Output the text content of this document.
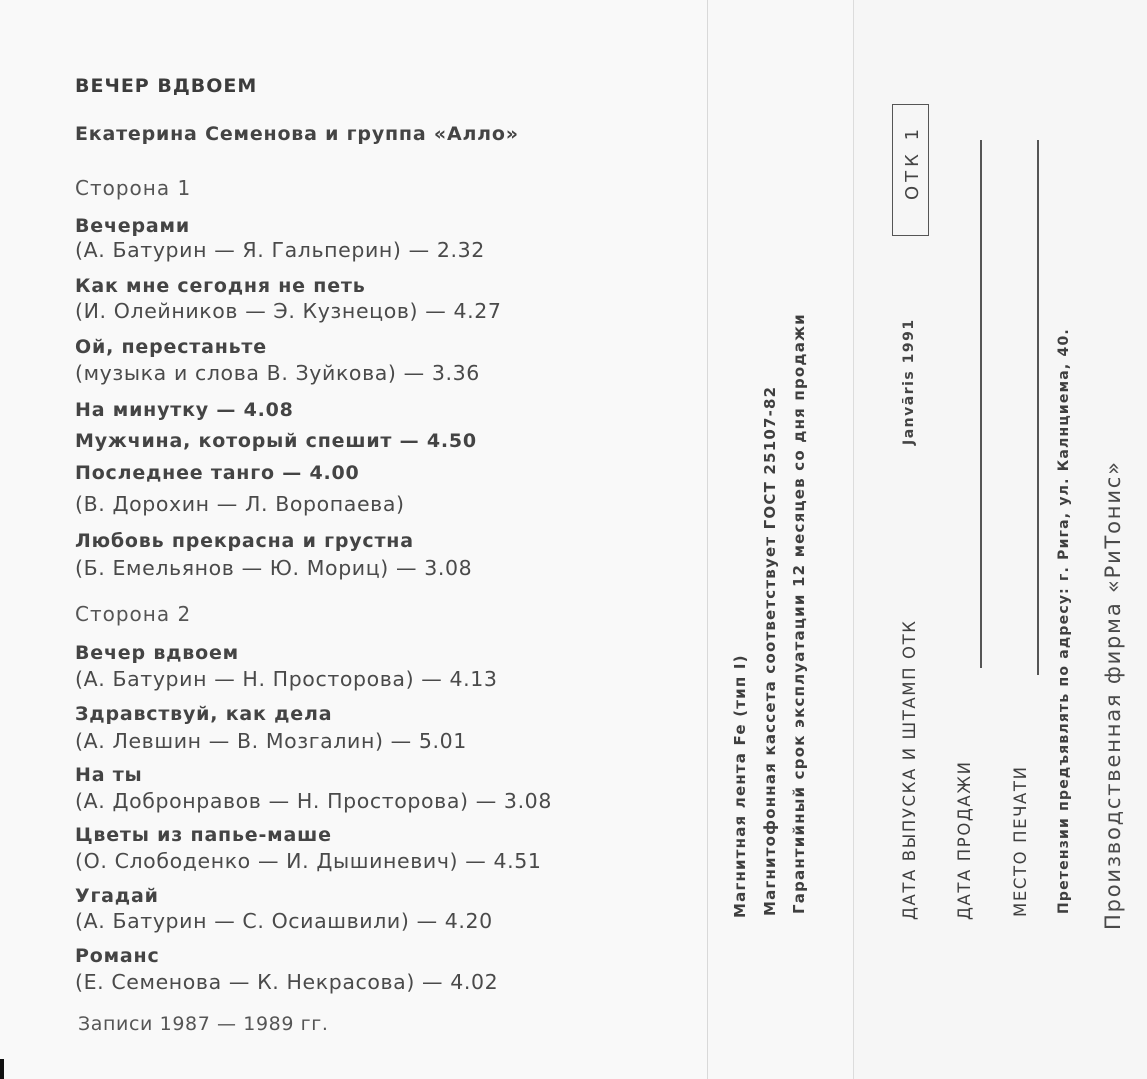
ВЕЧЕР ВДВОЕМ
Екатерина Семенова и группа «Алло»
Сторона 1
Вечерами
(А. Батурин — Я. Гальперин) — 2.32
Как мне сегодня не петь
(И. Олейников — Э. Кузнецов) — 4.27
Ой, перестаньте
(музыка и слова В. Зуйкова) — 3.36
На минутку — 4.08
Мужчина, который спешит — 4.50
Последнее танго — 4.00
(В. Дорохин — Л. Воропаева)
Любовь прекрасна и грустна
(Б. Емельянов — Ю. Мориц) — 3.08
Сторона 2
Вечер вдвоем
(А. Батурин — Н. Просторова) — 4.13
Здравствуй, как дела
(А. Левшин — В. Мозгалин) — 5.01
На ты
(А. Добронравов — Н. Просторова) — 3.08
Цветы из папье-маше
(О. Слободенко — И. Дышиневич) — 4.51
Угадай
(А. Батурин — С. Осиашвили) — 4.20
Романс
(Е. Семенова — К. Некрасова) — 4.02
Записи 1987 — 1989 гг.
Магнитная лента Fe (тип I) Магнитофонная кассета соответствует ГОСТ 25107-82 Гарантийный срок эксплуатации 12 месяцев со дня продажи
ОТК 1
Janvāris 1991
ДАТА ВЫПУСКА И ШТАМП ОТК ДАТА ПРОДАЖИ МЕСТО ПЕЧАТИ Претензии предъявлять по адресу: г. Рига, ул. Калнциема, 40. Производственная фирма «РиТонис»
